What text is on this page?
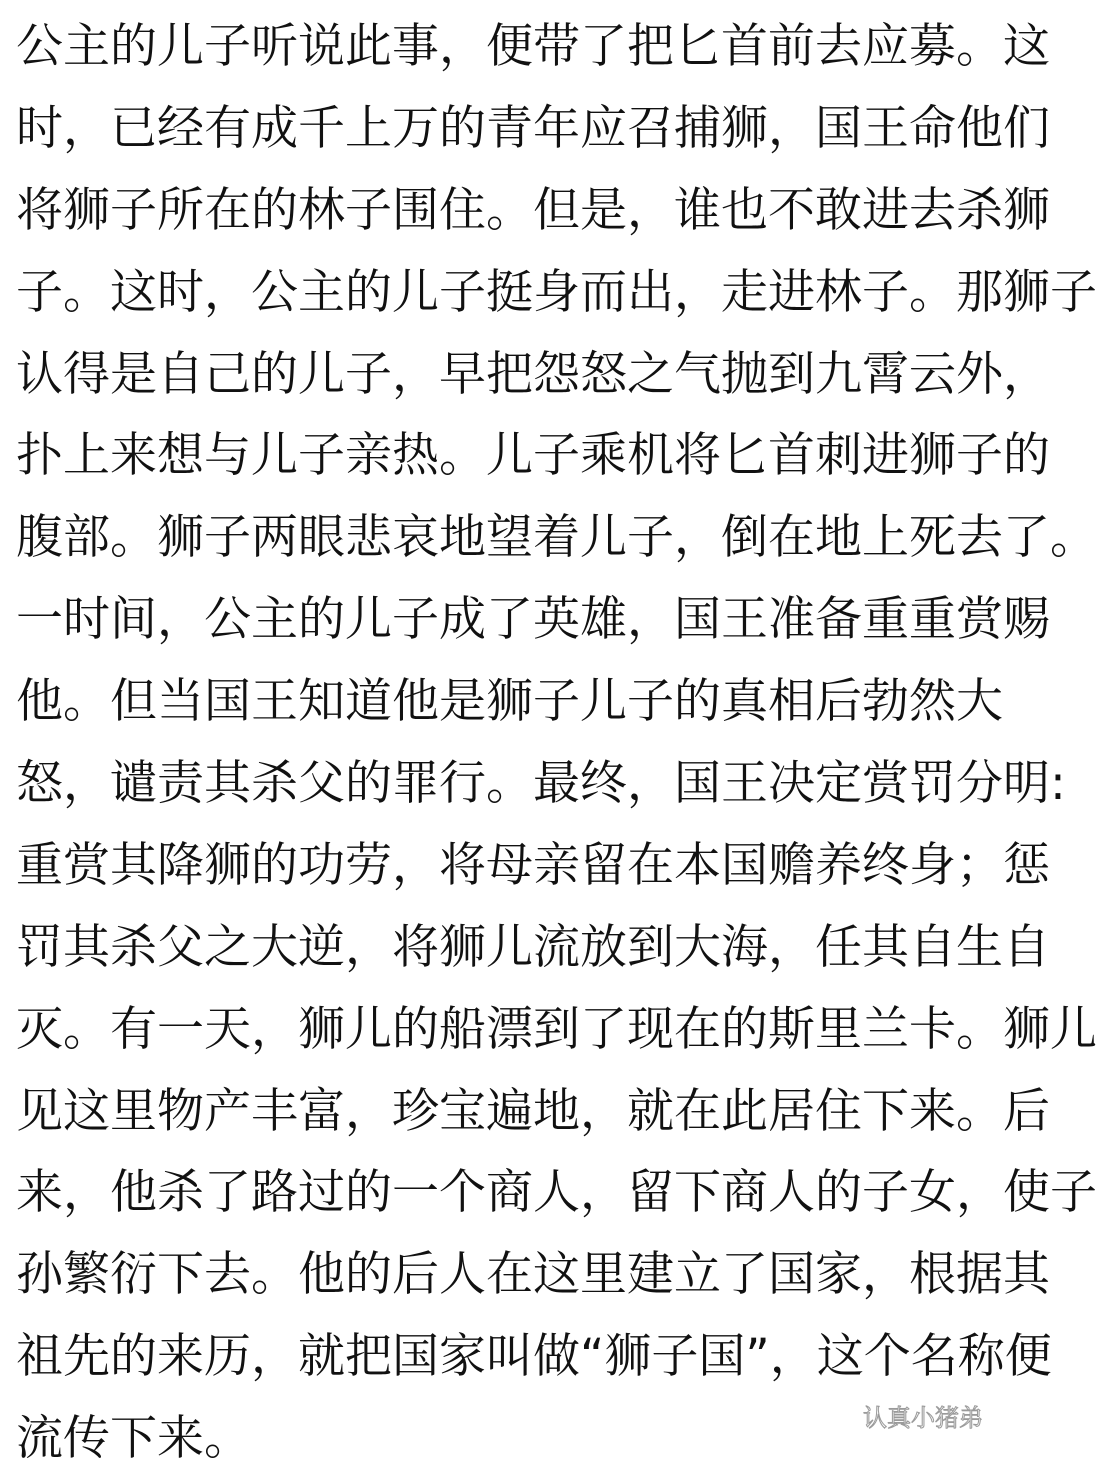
公主的儿子听说此事，便带了把匕首前去应募。这
时，已经有成千上万的青年应召捕狮，国王命他们
将狮子所在的林子围住。但是，谁也不敢进去杀狮
子。这时，公主的儿子挺身而出，走进林子。那狮子
认得是自己的儿子，早把怨怒之气抛到九霄云外，
扑上来想与儿子亲热。儿子乘机将匕首刺进狮子的
腹部。狮子两眼悲哀地望着儿子，倒在地上死去了。
一时间，公主的儿子成了英雄，国王准备重重赏赐
他。但当国王知道他是狮子儿子的真相后勃然大
怒，谴责其杀父的罪行。最终，国王决定赏罚分明:
重赏其降狮的功劳，将母亲留在本国赡养终身；惩
罚其杀父之大逆，将狮儿流放到大海，任其自生自
灭。有一天，狮儿的船漂到了现在的斯里兰卡。狮儿
见这里物产丰富，珍宝遍地，就在此居住下来。后
来，他杀了路过的一个商人，留下商人的子女，使子
孙繁衍下去。他的后人在这里建立了国家，根据其
祖先的来历，就把国家叫做“狮子国”，这个名称便
流传下来。	认真小猪弟
